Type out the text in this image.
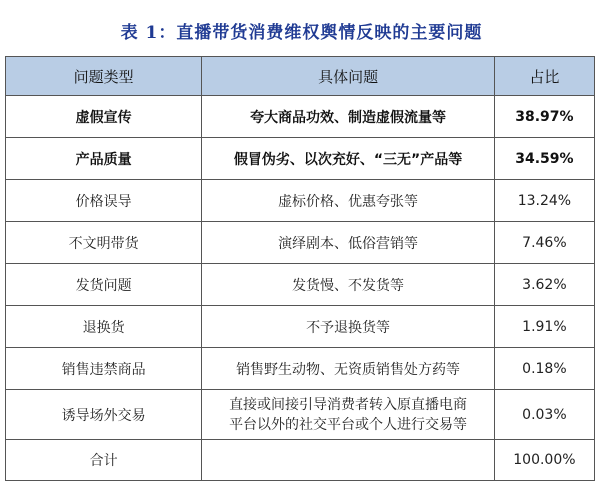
表 1：直播带货消费维权舆情反映的主要问题
问题类型	具体问题	占比
虚假宣传	夸大商品功效、制造虚假流量等	38.97%
产品质量	假冒伪劣、以次充好、“三无”产品等	34.59%
价格误导	虚标价格、优惠夸张等	13.24%
不文明带货	演绎剧本、低俗营销等	7.46%
发货问题	发货慢、不发货等	3.62%
退换货	不予退换货等	1.91%
销售违禁商品	销售野生动物、无资质销售处方药等	0.18%
诱导场外交易	直接或间接引导消费者转入原直播电商
平台以外的社交平台或个人进行交易等	0.03%
合计		100.00%
